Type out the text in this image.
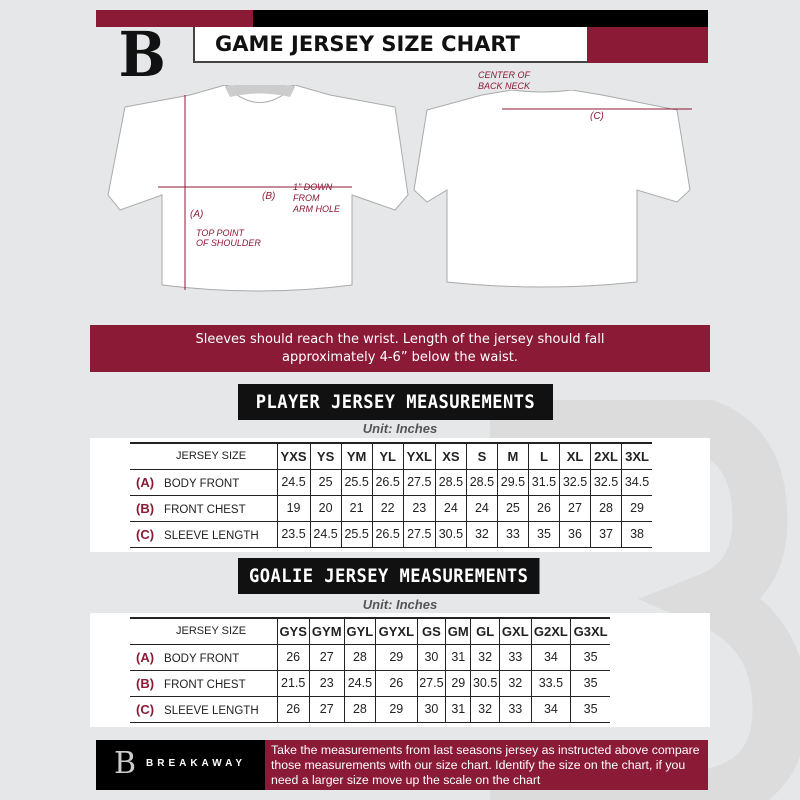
GAME JERSEY SIZE CHART
B
(A)
TOP POINT
OF SHOULDER
(B)
1" DOWN
FROM
ARM HOLE
CENTER OF
BACK NECK
(C)
Sleeves should reach the wrist. Length of the jersey should fall
approximately 4-6” below the waist.
PLAYER JERSEY MEASUREMENTS
Unit: Inches
JERSEY SIZE	YXS	YS	YM	YL	YXL	XS	S	M	L	XL	2XL	3XL
(A) BODY FRONT	24.5	25	25.5	26.5	27.5	28.5	28.5	29.5	31.5	32.5	32.5	34.5
(B) FRONT CHEST	19	20	21	22	23	24	24	25	26	27	28	29
(C) SLEEVE LENGTH	23.5	24.5	25.5	26.5	27.5	30.5	32	33	35	36	37	38
GOALIE JERSEY MEASUREMENTS
Unit: Inches
JERSEY SIZE	GYS	GYM	GYL	GYXL	GS	GM	GL	GXL	G2XL	G3XL
(A) BODY FRONT	26	27	28	29	30	31	32	33	34	35
(B) FRONT CHEST	21.5	23	24.5	26	27.5	29	30.5	32	33.5	35
(C) SLEEVE LENGTH	26	27	28	29	30	31	32	33	34	35
Take the measurements from last seasons jersey as instructed above compare those measurements with our size chart. Identify the size on the chart, if you need a larger size move up the scale on the chart
B BREAKAWAY
